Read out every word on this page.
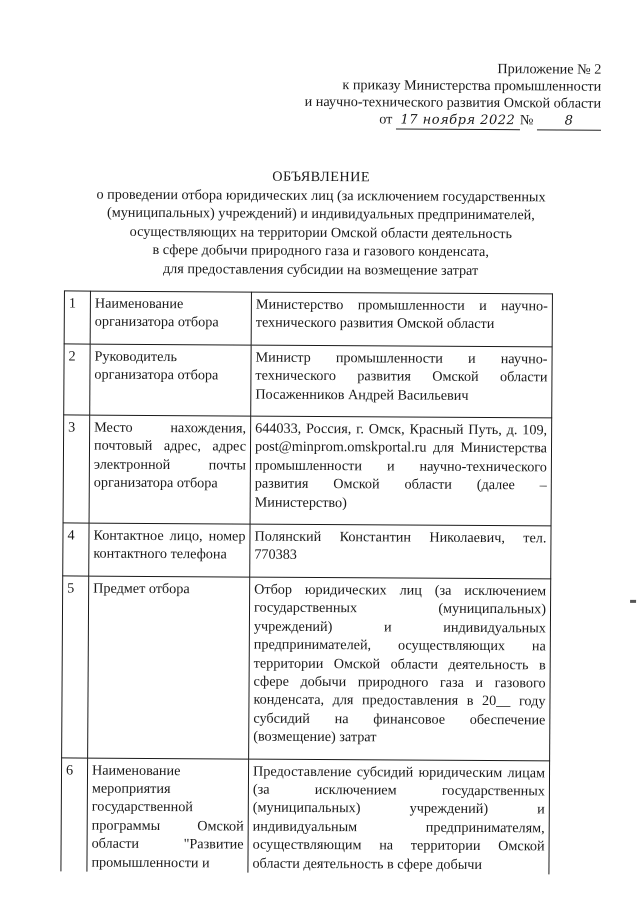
Приложение № 2
к приказу Министерства промышленности
и научно-технического развития Омской области
от 17 ноября 2022 № 8
ОБЪЯВЛЕНИЕ
о проведении отбора юридических лиц (за исключением государственных
(муниципальных) учреждений) и индивидуальных предпринимателей,
осуществляющих на территории Омской области деятельность
в сфере добычи природного газа и газового конденсата,
для предоставления субсидии на возмещение затрат
1	Наименование организатора отбора	Министерство промышленности и научно-технического развития Омской области
2	Руководитель организатора отбора	Министр промышленности и научно-технического развития Омской области Посаженников Андрей Васильевич
3	Место нахождения, почтовый адрес, адрес электронной почты организатора отбора	644033, Россия, г. Омск, Красный Путь, д. 109, post@minprom.omskportal.ru для Министерства промышленности и научно-технического развития Омской области (далее – Министерство)
4	Контактное лицо, номер контактного телефона	Полянский Константин Николаевич, тел. 770383
5	Предмет отбора	Отбор юридических лиц (за исключением государственных (муниципальных) учреждений) и индивидуальных предпринимателей, осуществляющих на территории Омской области деятельность в сфере добычи природного газа и газового конденсата, для предоставления в 20__ году субсидий на финансовое обеспечение (возмещение) затрат
6	Наименование мероприятия государственной программы Омской области "Развитие промышленности и	Предоставление субсидий юридическим лицам (за исключением государственных (муниципальных) учреждений) и индивидуальным предпринимателям, осуществляющим на территории Омской области деятельность в сфере добычи
